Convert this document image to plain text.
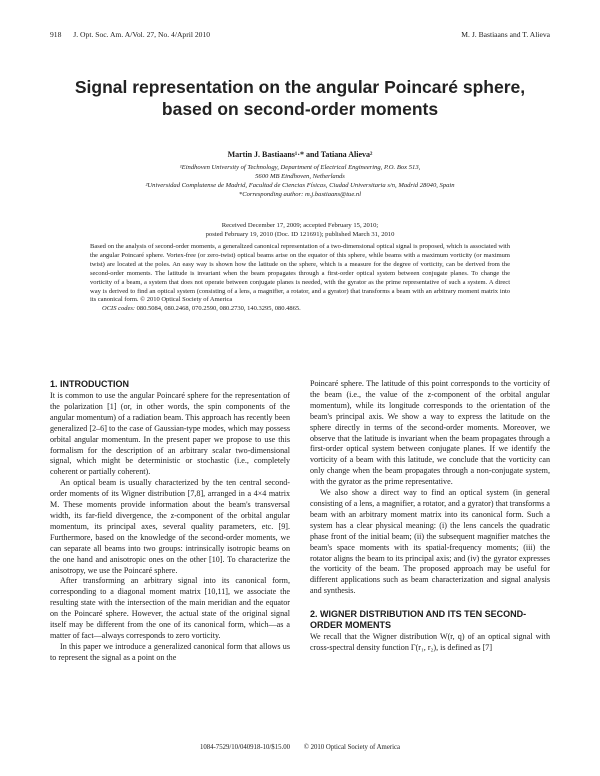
918 J. Opt. Soc. Am. A/Vol. 27, No. 4/April 2010	M. J. Bastiaans and T. Alieva
Signal representation on the angular Poincaré sphere, based on second-order moments
Martin J. Bastiaans¹·* and Tatiana Alieva²
¹Eindhoven University of Technology, Department of Electrical Engineering, P.O. Box 513,
5600 MB Eindhoven, Netherlands
²Universidad Complutense de Madrid, Facultad de Ciencias Físicas, Ciudad Universitaria s/n, Madrid 28040, Spain
*Corresponding author: m.j.bastiaans@tue.nl
Received December 17, 2009; accepted February 15, 2010;
posted February 19, 2010 (Doc. ID 121691); published March 31, 2010
Based on the analysis of second-order moments, a generalized canonical representation of a two-dimensional optical signal is proposed, which is associated with the angular Poincaré sphere. Vortex-free (or zero-twist) optical beams arise on the equator of this sphere, while beams with a maximum vorticity (or maximum twist) are located at the poles. An easy way is shown how the latitude on the sphere, which is a measure for the degree of vorticity, can be derived from the second-order moments. The latitude is invariant when the beam propagates through a first-order optical system between conjugate planes. To change the vorticity of a beam, a system that does not operate between conjugate planes is needed, with the gyrator as the prime representative of such a system. A direct way is derived to find an optical system (consisting of a lens, a magnifier, a rotator, and a gyrator) that transforms a beam with an arbitrary moment matrix into its canonical form. © 2010 Optical Society of America
OCIS codes: 080.5084, 080.2468, 070.2590, 080.2730, 140.3295, 080.4865.
1. INTRODUCTION

It is common to use the angular Poincaré sphere for the representation of the polarization [1] (or, in other words, the spin components of the angular momentum) of a radiation beam. This approach has recently been generalized [2–6] to the case of Gaussian-type modes, which may possess orbital angular momentum. In the present paper we propose to use this formalism for the description of an arbitrary scalar two-dimensional signal, which might be deterministic or stochastic (i.e., completely coherent or partially coherent).

An optical beam is usually characterized by the ten central second-order moments of its Wigner distribution [7,8], arranged in a 4×4 matrix M. These moments provide information about the beam's transversal width, its far-field divergence, the z-component of the orbital angular momentum, its principal axes, several quality parameters, etc. [9]. Furthermore, based on the knowledge of the second-order moments, we can separate all beams into two groups: intrinsically isotropic beams on the one hand and anisotropic ones on the other [10]. To characterize the anisotropy, we use the Poincaré sphere.

After transforming an arbitrary signal into its canonical form, corresponding to a diagonal moment matrix [10,11], we associate the resulting state with the intersection of the main meridian and the equator on the Poincaré sphere. However, the actual state of the original signal itself may be different from the one of its canonical form, which—as a matter of fact—always corresponds to zero vorticity.

In this paper we introduce a generalized canonical form that allows us to represent the signal as a point on the

Poincaré sphere. The latitude of this point corresponds to the vorticity of the beam (i.e., the value of the z-component of the orbital angular momentum), while its longitude corresponds to the orientation of the beam's principal axis. We show a way to express the latitude on the sphere directly in terms of the second-order moments. Moreover, we observe that the latitude is invariant when the beam propagates through a first-order optical system between conjugate planes. If we identify the vorticity of a beam with this latitude, we conclude that the vorticity can only change when the beam propagates through a non-conjugate system, with the gyrator as the prime representative.

We also show a direct way to find an optical system (in general consisting of a lens, a magnifier, a rotator, and a gyrator) that transforms a beam with an arbitrary moment matrix into its canonical form. Such a system has a clear physical meaning: (i) the lens cancels the quadratic phase front of the initial beam; (ii) the subsequent magnifier matches the beam's space moments with its spatial-frequency moments; (iii) the rotator aligns the beam to its principal axis; and (iv) the gyrator expresses the vorticity of the beam. The proposed approach may be useful for different applications such as beam characterization and signal analysis and synthesis.

2. WIGNER DISTRIBUTION AND ITS TEN SECOND-ORDER MOMENTS

We recall that the Wigner distribution W(r, q) of an optical signal with cross-spectral density function Γ(r₁, r₂), is defined as [7]

1084-7529/10/040918-10/$15.00 © 2010 Optical Society of America
